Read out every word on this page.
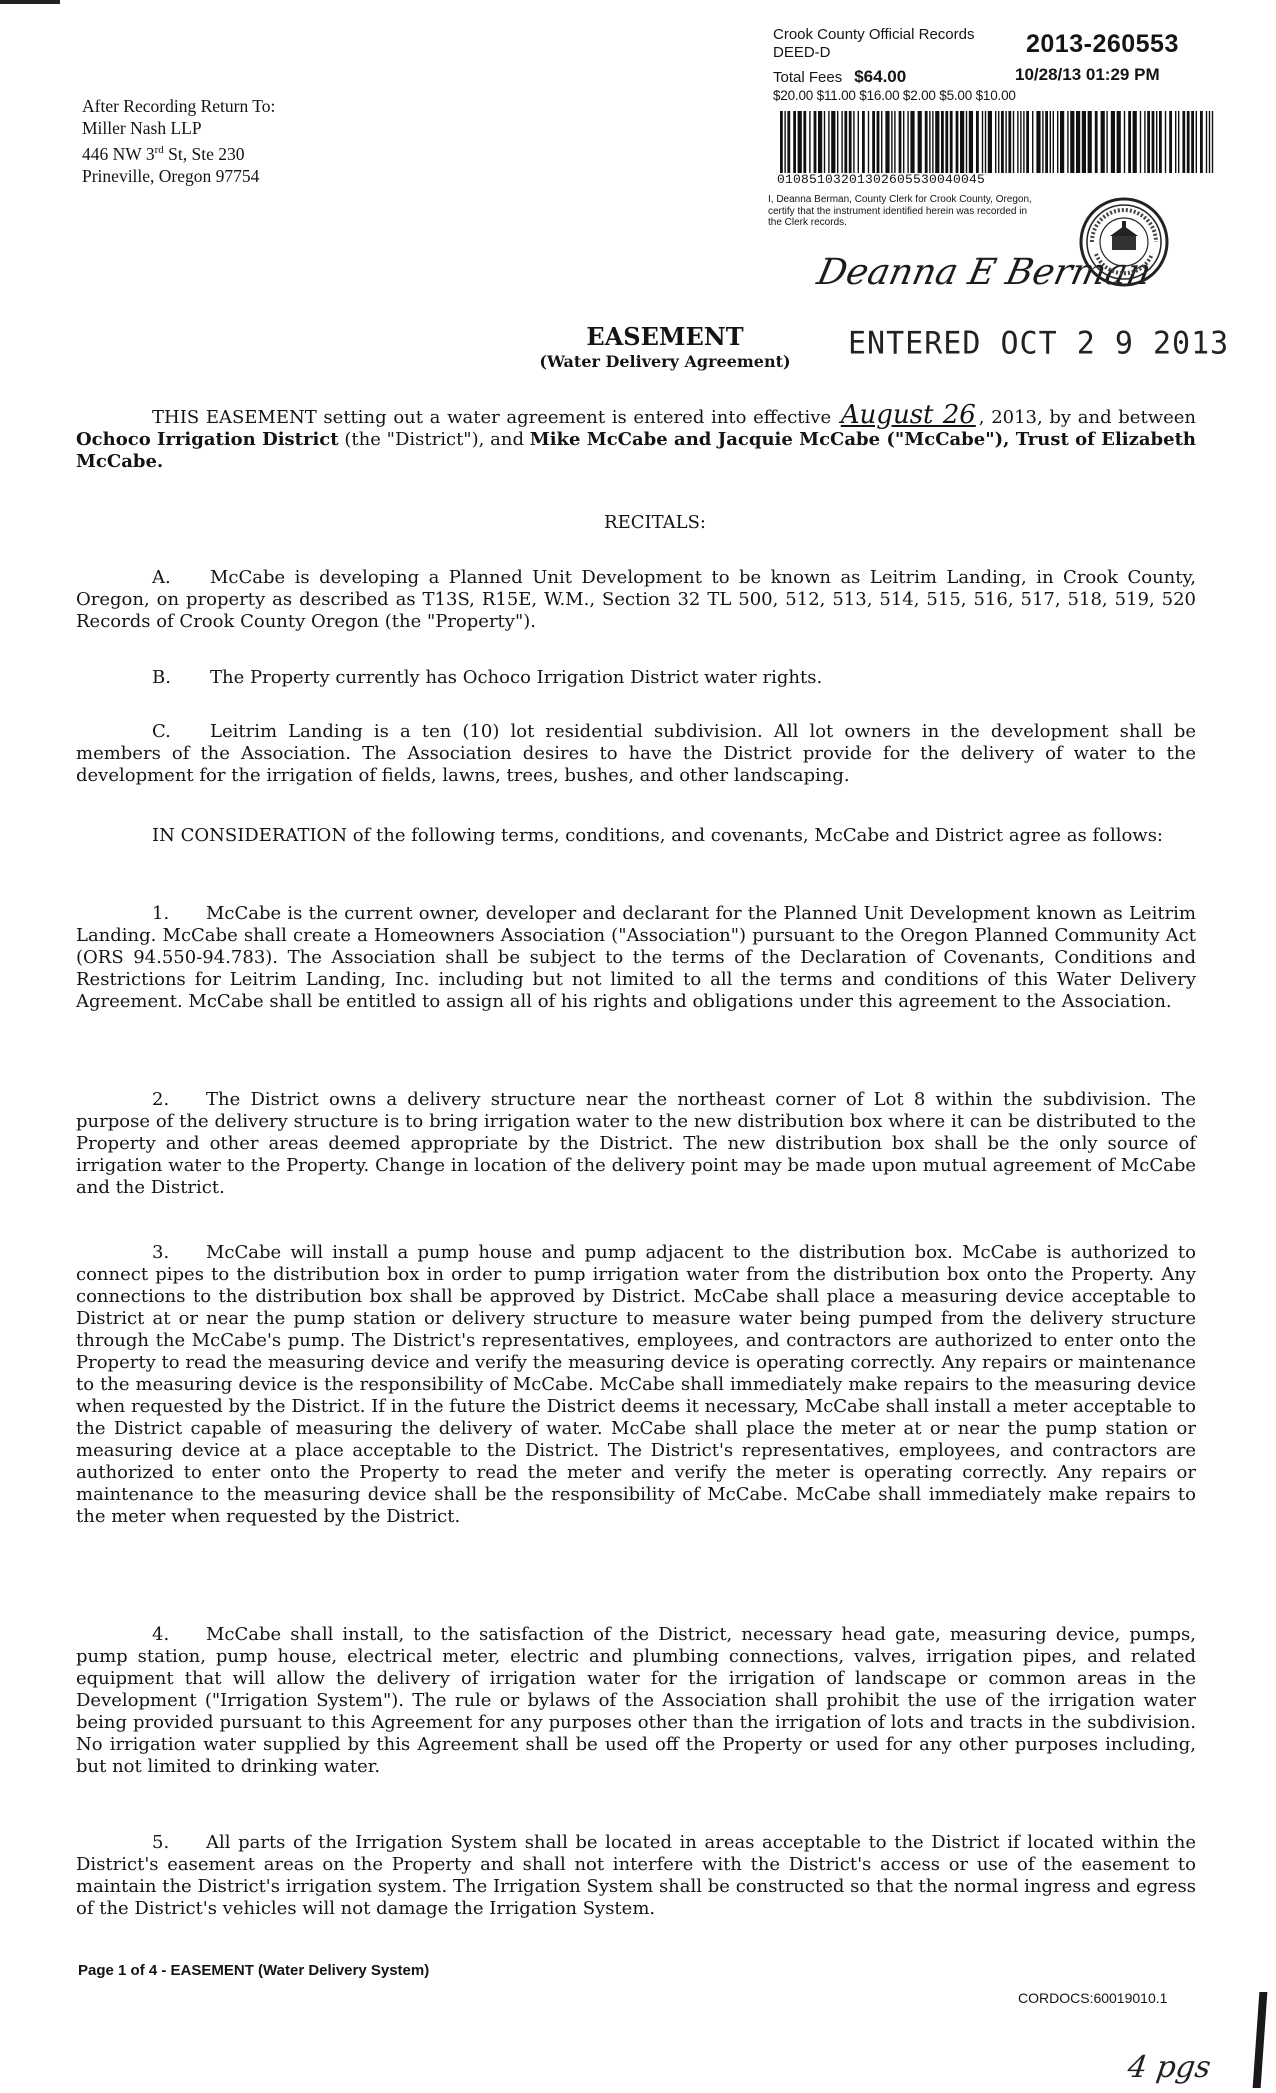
After Recording Return To:
Miller Nash LLP
446 NW 3rd St, Ste 230
Prineville, Oregon 97754
Crook County Official Records
DEED-D	2013-260553
Total Fees $64.00	10/28/13 01:29 PM
$20.00 $11.00 $16.00 $2.00 $5.00 $10.00
01085103201302605530040045
I, Deanna Berman, County Clerk for Crook County, Oregon, certify that the instrument identified herein was recorded in the Clerk records.
Deanna E Berman
EASEMENT
(Water Delivery Agreement)	ENTERED OCT 2 9 2013
THIS EASEMENT setting out a water agreement is entered into effective August 26 , 2013, by and between Ochoco Irrigation District (the "District"), and Mike McCabe and Jacquie McCabe ("McCabe"), Trust of Elizabeth McCabe.
RECITALS:
A. McCabe is developing a Planned Unit Development to be known as Leitrim Landing, in Crook County, Oregon, on property as described as T13S, R15E, W.M., Section 32 TL 500, 512, 513, 514, 515, 516, 517, 518, 519, 520 Records of Crook County Oregon (the "Property").
B. The Property currently has Ochoco Irrigation District water rights.
C. Leitrim Landing is a ten (10) lot residential subdivision. All lot owners in the development shall be members of the Association. The Association desires to have the District provide for the delivery of water to the development for the irrigation of fields, lawns, trees, bushes, and other landscaping.
IN CONSIDERATION of the following terms, conditions, and covenants, McCabe and District agree as follows:
1. McCabe is the current owner, developer and declarant for the Planned Unit Development known as Leitrim Landing. McCabe shall create a Homeowners Association ("Association") pursuant to the Oregon Planned Community Act (ORS 94.550-94.783). The Association shall be subject to the terms of the Declaration of Covenants, Conditions and Restrictions for Leitrim Landing, Inc. including but not limited to all the terms and conditions of this Water Delivery Agreement. McCabe shall be entitled to assign all of his rights and obligations under this agreement to the Association.
2. The District owns a delivery structure near the northeast corner of Lot 8 within the subdivision. The purpose of the delivery structure is to bring irrigation water to the new distribution box where it can be distributed to the Property and other areas deemed appropriate by the District. The new distribution box shall be the only source of irrigation water to the Property. Change in location of the delivery point may be made upon mutual agreement of McCabe and the District.
3. McCabe will install a pump house and pump adjacent to the distribution box. McCabe is authorized to connect pipes to the distribution box in order to pump irrigation water from the distribution box onto the Property. Any connections to the distribution box shall be approved by District. McCabe shall place a measuring device acceptable to District at or near the pump station or delivery structure to measure water being pumped from the delivery structure through the McCabe's pump. The District's representatives, employees, and contractors are authorized to enter onto the Property to read the measuring device and verify the measuring device is operating correctly. Any repairs or maintenance to the measuring device is the responsibility of McCabe. McCabe shall immediately make repairs to the measuring device when requested by the District. If in the future the District deems it necessary, McCabe shall install a meter acceptable to the District capable of measuring the delivery of water. McCabe shall place the meter at or near the pump station or measuring device at a place acceptable to the District. The District's representatives, employees, and contractors are authorized to enter onto the Property to read the meter and verify the meter is operating correctly. Any repairs or maintenance to the measuring device shall be the responsibility of McCabe. McCabe shall immediately make repairs to the meter when requested by the District.
4. McCabe shall install, to the satisfaction of the District, necessary head gate, measuring device, pumps, pump station, pump house, electrical meter, electric and plumbing connections, valves, irrigation pipes, and related equipment that will allow the delivery of irrigation water for the irrigation of landscape or common areas in the Development ("Irrigation System"). The rule or bylaws of the Association shall prohibit the use of the irrigation water being provided pursuant to this Agreement for any purposes other than the irrigation of lots and tracts in the subdivision. No irrigation water supplied by this Agreement shall be used off the Property or used for any other purposes including, but not limited to drinking water.
5. All parts of the Irrigation System shall be located in areas acceptable to the District if located within the District's easement areas on the Property and shall not interfere with the District's access or use of the easement to maintain the District's irrigation system. The Irrigation System shall be constructed so that the normal ingress and egress of the District's vehicles will not damage the Irrigation System.
Page 1 of 4 - EASEMENT (Water Delivery System)
CORDOCS:60019010.1
4 pgs
